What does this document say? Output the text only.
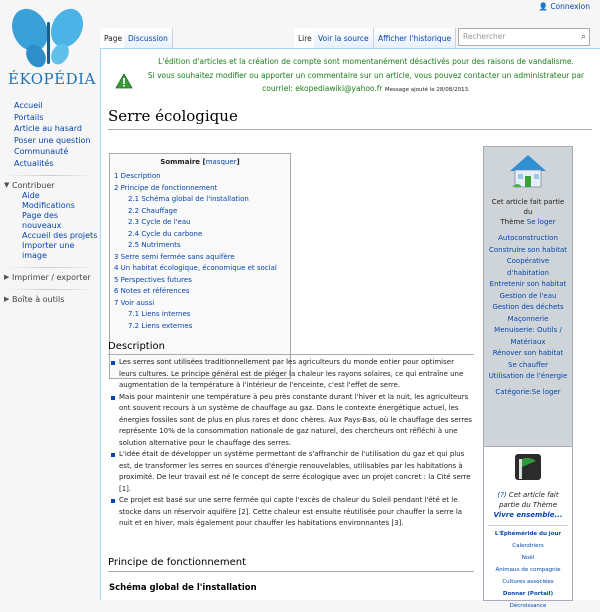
ÉKOPÉDIA
👤 Connexion
Accueil
Portails
Article au hasard
Poser une question
Communauté
Actualités
▼ Contribuer
Aide
Modifications
Page des
nouveaux
Accueil des projets
Importer une
image
▶ Imprimer / exporter
▶ Boîte à outils
Page Discussion	Lire Voir la source	Afficher l'historique	Rechercher	⌕
L'édition d'articles et la création de compte sont momentanément désactivés pour des raisons de vandalisme.
Si vous souhaitez modifier ou apporter un commentaire sur un article, vous pouvez contacter un administrateur par
courriel: ekopediawiki@yahoo.fr Message ajouté le 28/08/2013.
Serre écologique
Sommaire [masquer]
1 Description
2 Principe de fonctionnement
2.1 Schéma global de l'installation
2.2 Chauffage
2.3 Cycle de l'eau
2.4 Cycle du carbone
2.5 Nutriments
3 Serre semi fermée sans aquifère
4 Un habitat écologique, économique et social
5 Perspectives futures
6 Notes et références
7 Voir aussi
7.1 Liens internes
7.2 Liens externes
Cet article fait partie
du
Thème Se loger
Autoconstruction
Construire son habitat
Coopérative
d'habitation
Entretenir son habitat
Gestion de l'eau
Gestion des déchets
Maçonnerie
Menuiserie: Outils /
Matériaux
Rénover son habitat
Se chauffer
Utilisation de l'énergie
Catégorie:Se loger
(?) Cet article fait
partie du Thème
Vivre ensemble...
L'Éphéméride du jour
Calendriers
Noël
Animaux de compagnie
Cultures associées
Donner (Portail)
Décroissance
Description
Les serres sont utilisées traditionnellement par les agriculteurs du monde entier pour optimiser leurs cultures. Le principe général est de piéger la chaleur les rayons solaires, ce qui entraîne une augmentation de la température à l'intérieur de l'enceinte, c'est l'effet de serre.
Mais pour maintenir une température à peu près constante durant l'hiver et la nuit, les agriculteurs ont souvent recours à un système de chauffage au gaz. Dans le contexte énergétique actuel, les énergies fossiles sont de plus en plus rares et donc chères. Aux Pays-Bas, où le chauffage des serres représente 10% de la consommation nationale de gaz naturel, des chercheurs ont réfléchi à une solution alternative pour le chauffage des serres.
L'idée était de développer un système permettant de s'affranchir de l'utilisation du gaz et qui plus est, de transformer les serres en sources d'énergie renouvelables, utilisables par les habitations à proximité. De leur travail est né le concept de serre écologique avec un projet concret : la Cité serre [1].
Ce projet est basé sur une serre fermée qui capte l'excès de chaleur du Soleil pendant l'été et le stocke dans un réservoir aquifère [2]. Cette chaleur est ensuite réutilisée pour chauffer la serre la nuit et en hiver, mais également pour chauffer les habitations environnantes [3].
Principe de fonctionnement
Schéma global de l'installation
